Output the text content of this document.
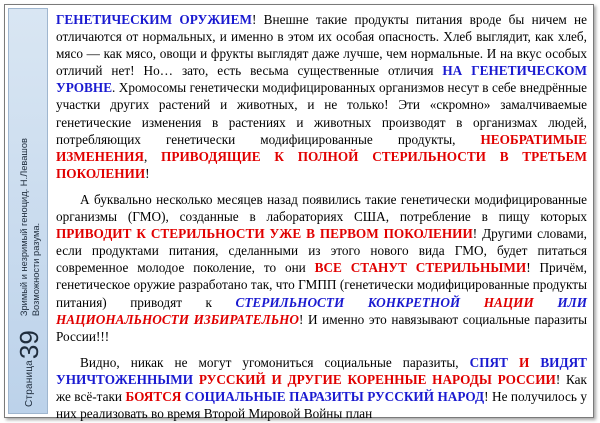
Страница
39
Зримый и незримый геноцид. Н.Левашов Возможности разума.

ГЕНЕТИЧЕСКИМ ОРУЖИЕМ! Внешне такие продукты питания вроде бы ничем не отличаются от нормальных, и именно в этом их особая опасность. Хлеб выглядит, как хлеб, мясо — как мясо, овощи и фрукты выглядят даже лучше, чем нормальные. И на вкус особых отличий нет! Но… зато, есть весьма существенные отличия НА ГЕНЕТИЧЕСКОМ УРОВНЕ. Хромосомы генетически модифицированных организмов несут в себе внедрённые участки других растений и животных, и не только! Эти «скромно» замалчиваемые генетические изменения в растениях и животных производят в организмах людей, потребляющих генетически модифицированные продукты, НЕОБРАТИМЫЕ ИЗМЕНЕНИЯ, ПРИВОДЯЩИЕ К ПОЛНОЙ СТЕРИЛЬНОСТИ В ТРЕТЬЕМ ПОКОЛЕНИИ!

А буквально несколько месяцев назад появились такие генетически модифицированные организмы (ГМО), созданные в лабораториях США, потребление в пищу которых ПРИВОДИТ К СТЕРИЛЬНОСТИ УЖЕ В ПЕРВОМ ПОКОЛЕНИИ! Другими словами, если продуктами питания, сделанными из этого нового вида ГМО, будет питаться современное молодое поколение, то они ВСЕ СТАНУТ СТЕРИЛЬНЫМИ! Причём, генетическое оружие разработано так, что ГМПП (генетически модифицированные продукты питания) приводят к СТЕРИЛЬНОСТИ КОНКРЕТНОЙ НАЦИИ ИЛИ НАЦИОНАЛЬНОСТИ ИЗБИРАТЕЛЬНО! И именно это навязывают социальные паразиты России!!!

Видно, никак не могут угомониться социальные паразиты, СПЯТ И ВИДЯТ УНИЧТОЖЕННЫМИ РУССКИЙ И ДРУГИЕ КОРЕННЫЕ НАРОДЫ РОССИИ! Как же всё-таки БОЯТСЯ СОЦИАЛЬНЫЕ ПАРАЗИТЫ РУССКИЙ НАРОД! Не получилось у них реализовать во время Второй Мировой Войны план
